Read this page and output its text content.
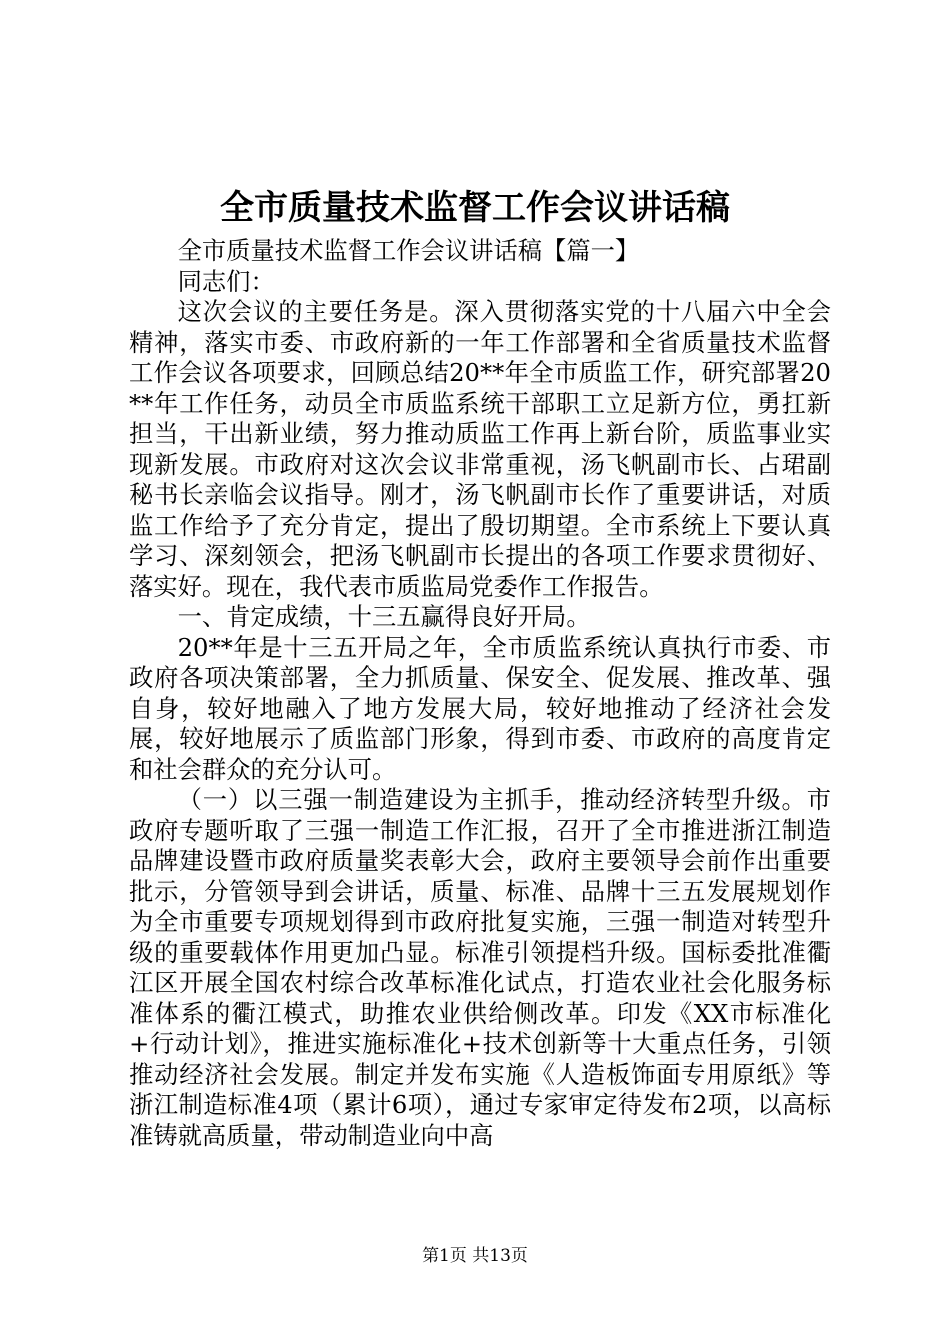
全市质量技术监督工作会议讲话稿

全市质量技术监督工作会议讲话稿【篇一】

同志们：

这次会议的主要任务是。深入贯彻落实党的十八届六中全会精神，落实市委、市政府新的一年工作部署和全省质量技术监督工作会议各项要求，回顾总结20**年全市质监工作，研究部署20**年工作任务，动员全市质监系统干部职工立足新方位，勇扛新担当，干出新业绩，努力推动质监工作再上新台阶，质监事业实现新发展。市政府对这次会议非常重视，汤飞帆副市长、占珺副秘书长亲临会议指导。刚才，汤飞帆副市长作了重要讲话，对质监工作给予了充分肯定，提出了殷切期望。全市系统上下要认真学习、深刻领会，把汤飞帆副市长提出的各项工作要求贯彻好、落实好。现在，我代表市质监局党委作工作报告。

一、肯定成绩，十三五赢得良好开局。

20**年是十三五开局之年，全市质监系统认真执行市委、市政府各项决策部署，全力抓质量、保安全、促发展、推改革、强自身，较好地融入了地方发展大局，较好地推动了经济社会发展，较好地展示了质监部门形象，得到市委、市政府的高度肯定和社会群众的充分认可。

（一）以三强一制造建设为主抓手，推动经济转型升级。市政府专题听取了三强一制造工作汇报，召开了全市推进浙江制造品牌建设暨市政府质量奖表彰大会，政府主要领导会前作出重要批示，分管领导到会讲话，质量、标准、品牌十三五发展规划作为全市重要专项规划得到市政府批复实施，三强一制造对转型升级的重要载体作用更加凸显。标准引领提档升级。国标委批准衢江区开展全国农村综合改革标准化试点，打造农业社会化服务标准体系的衢江模式，助推农业供给侧改革。印发《XX市标准化+行动计划》，推进实施标准化+技术创新等十大重点任务，引领推动经济社会发展。制定并发布实施《人造板饰面专用原纸》等浙江制造标准4项（累计6项），通过专家审定待发布2项，以高标准铸就高质量，带动制造业向中高

第1页 共13页
